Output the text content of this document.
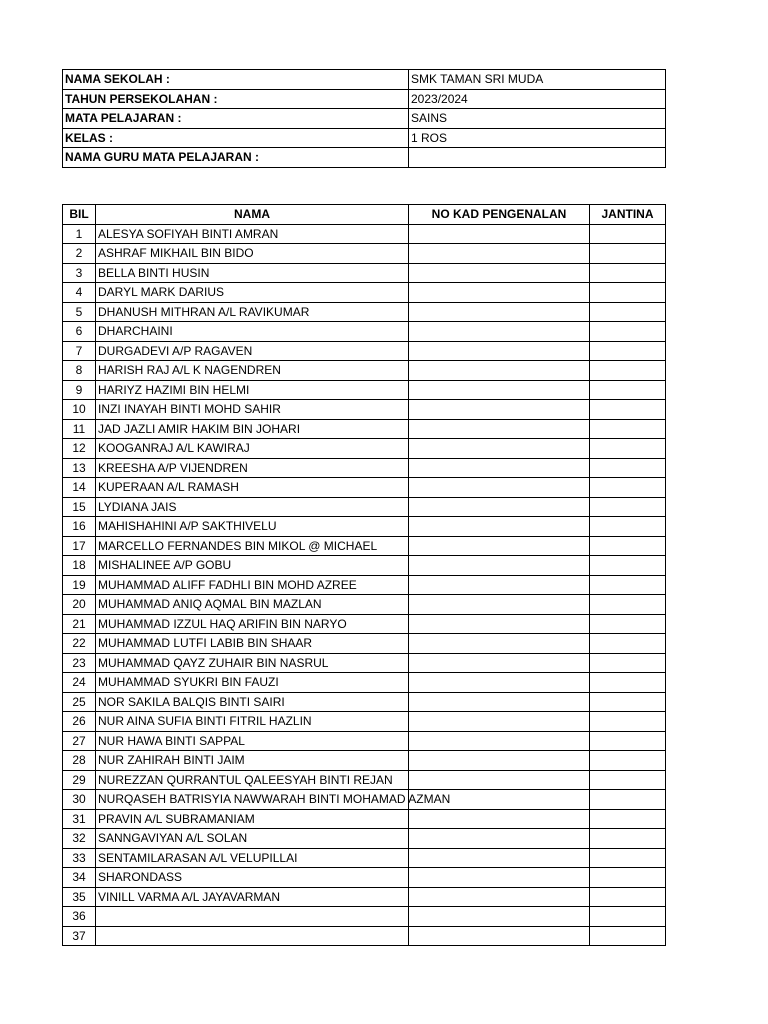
NAMA SEKOLAH :	SMK TAMAN SRI MUDA
TAHUN PERSEKOLAHAN :	2023/2024
MATA PELAJARAN :	SAINS
KELAS :	1 ROS
NAMA GURU MATA PELAJARAN :	
BIL	NAMA	NO KAD PENGENALAN	JANTINA
1	ALESYA SOFIYAH BINTI AMRAN		
2	ASHRAF MIKHAIL BIN BIDO		
3	BELLA BINTI HUSIN		
4	DARYL MARK DARIUS		
5	DHANUSH MITHRAN A/L RAVIKUMAR		
6	DHARCHAINI		
7	DURGADEVI A/P RAGAVEN		
8	HARISH RAJ A/L K NAGENDREN		
9	HARIYZ HAZIMI BIN HELMI		
10	INZI INAYAH BINTI MOHD SAHIR		
11	JAD JAZLI AMIR HAKIM BIN JOHARI		
12	KOOGANRAJ A/L KAWIRAJ		
13	KREESHA A/P VIJENDREN		
14	KUPERAAN A/L RAMASH		
15	LYDIANA JAIS		
16	MAHISHAHINI A/P SAKTHIVELU		
17	MARCELLO FERNANDES BIN MIKOL @ MICHAEL		
18	MISHALINEE A/P GOBU		
19	MUHAMMAD ALIFF FADHLI BIN MOHD AZREE		
20	MUHAMMAD ANIQ AQMAL BIN MAZLAN		
21	MUHAMMAD IZZUL HAQ ARIFIN BIN NARYO		
22	MUHAMMAD LUTFI LABIB BIN SHAAR		
23	MUHAMMAD QAYZ ZUHAIR BIN NASRUL		
24	MUHAMMAD SYUKRI BIN FAUZI		
25	NOR SAKILA BALQIS BINTI SAIRI		
26	NUR AINA SUFIA BINTI FITRIL HAZLIN		
27	NUR HAWA BINTI SAPPAL		
28	NUR ZAHIRAH BINTI JAIM		
29	NUREZZAN QURRANTUL QALEESYAH BINTI REJAN		
30	NURQASEH BATRISYIA NAWWARAH BINTI MOHAMAD AZMAN		
31	PRAVIN A/L SUBRAMANIAM		
32	SANNGAVIYAN A/L SOLAN		
33	SENTAMILARASAN A/L VELUPILLAI		
34	SHARONDASS		
35	VINILL VARMA A/L JAYAVARMAN		
36			
37			
